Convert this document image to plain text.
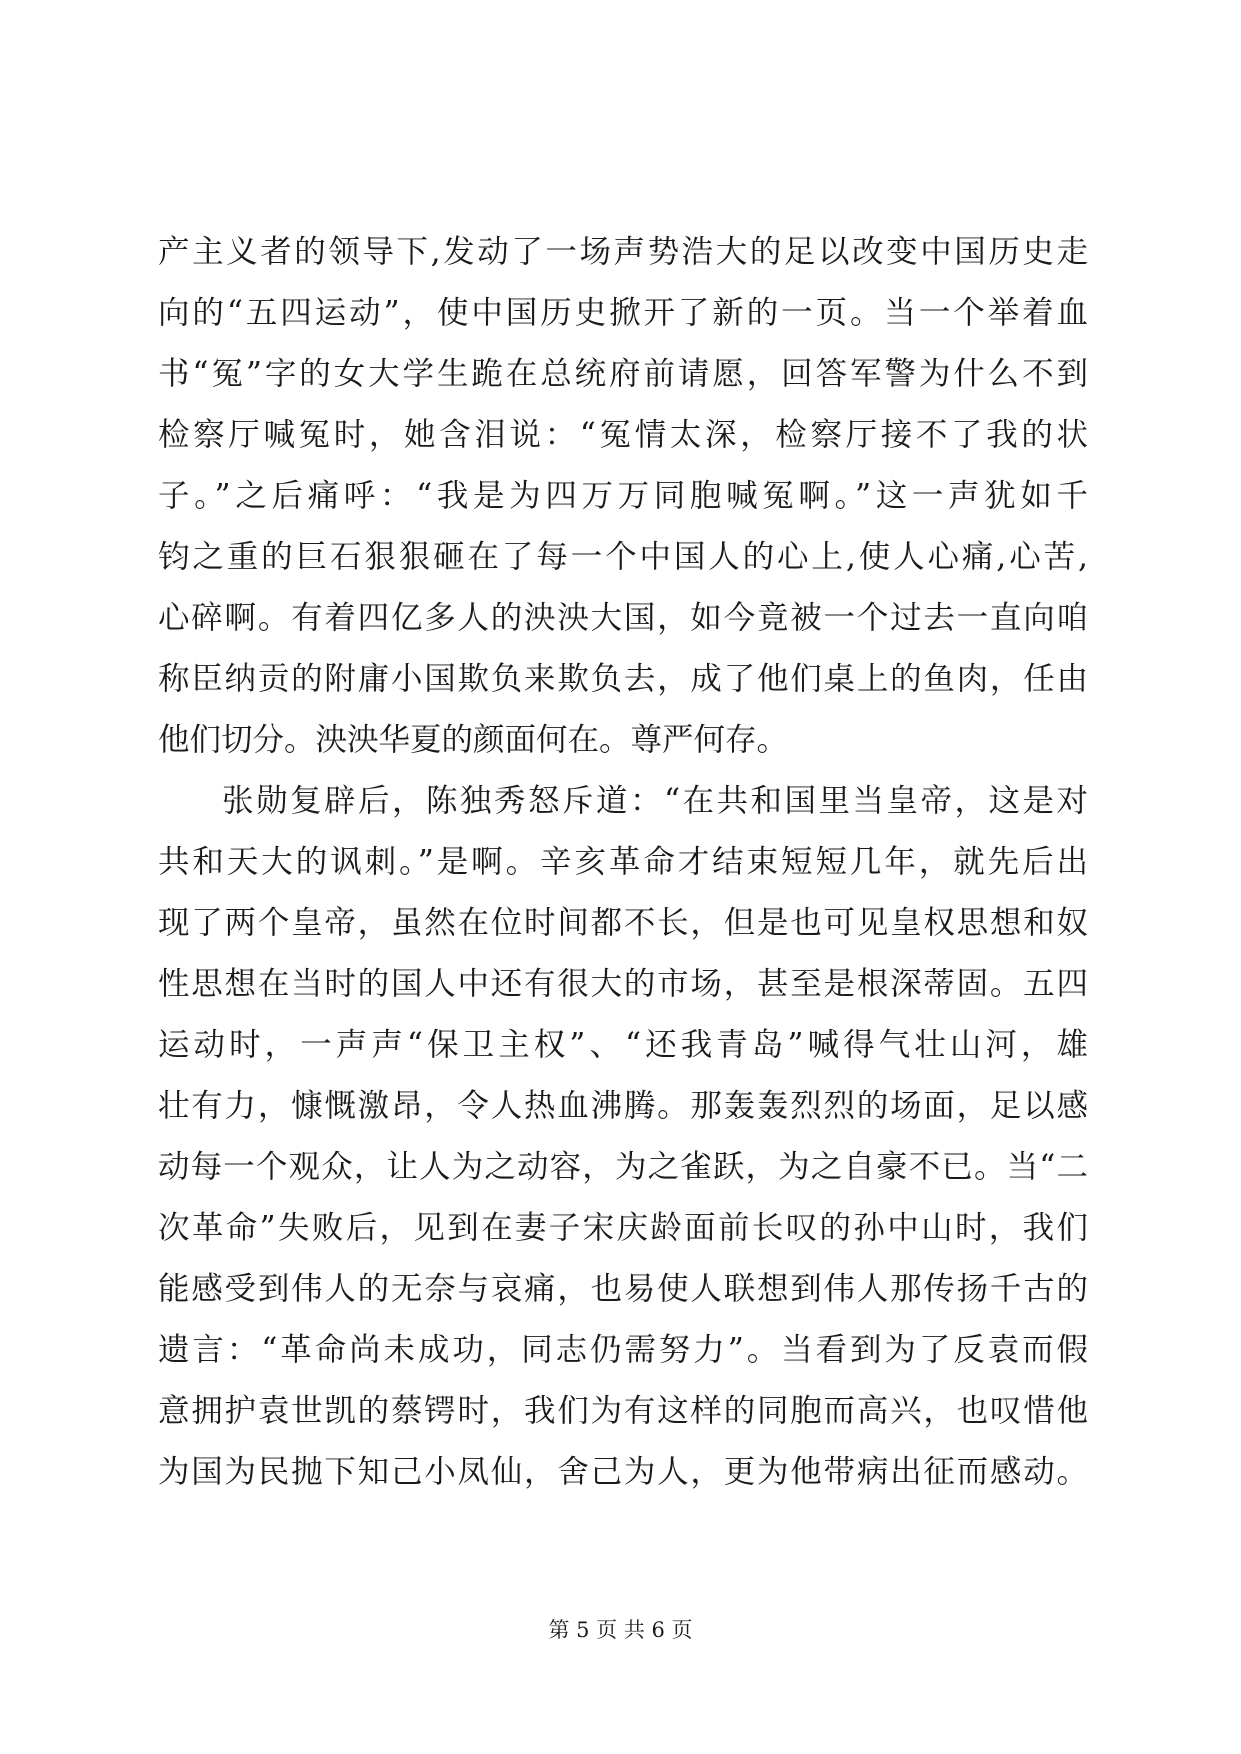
产主义者的领导下,发动了一场声势浩大的足以改变中国历史走
向的“五四运动”，使中国历史掀开了新的一页。当一个举着血
书“冤”字的女大学生跪在总统府前请愿，回答军警为什么不到
检察厅喊冤时，她含泪说：“冤情太深，检察厅接不了我的状
子。”之后痛呼：“我是为四万万同胞喊冤啊。”这一声犹如千
钧之重的巨石狠狠砸在了每一个中国人的心上,使人心痛,心苦,
心碎啊。有着四亿多人的泱泱大国，如今竟被一个过去一直向咱
称臣纳贡的附庸小国欺负来欺负去，成了他们桌上的鱼肉，任由
他们切分。泱泱华夏的颜面何在。尊严何存。
张勋复辟后，陈独秀怒斥道：“在共和国里当皇帝，这是对
共和天大的讽刺。”是啊。辛亥革命才结束短短几年，就先后出
现了两个皇帝，虽然在位时间都不长，但是也可见皇权思想和奴
性思想在当时的国人中还有很大的市场，甚至是根深蒂固。五四
运动时，一声声“保卫主权”、“还我青岛”喊得气壮山河，雄
壮有力，慷慨激昂，令人热血沸腾。那轰轰烈烈的场面，足以感
动每一个观众，让人为之动容，为之雀跃，为之自豪不已。当“二
次革命”失败后，见到在妻子宋庆龄面前长叹的孙中山时，我们
能感受到伟人的无奈与哀痛，也易使人联想到伟人那传扬千古的
遗言：“革命尚未成功，同志仍需努力”。当看到为了反袁而假
意拥护袁世凯的蔡锷时，我们为有这样的同胞而高兴，也叹惜他
为国为民抛下知己小凤仙，舍己为人，更为他带病出征而感动。
第 5 页 共 6 页
